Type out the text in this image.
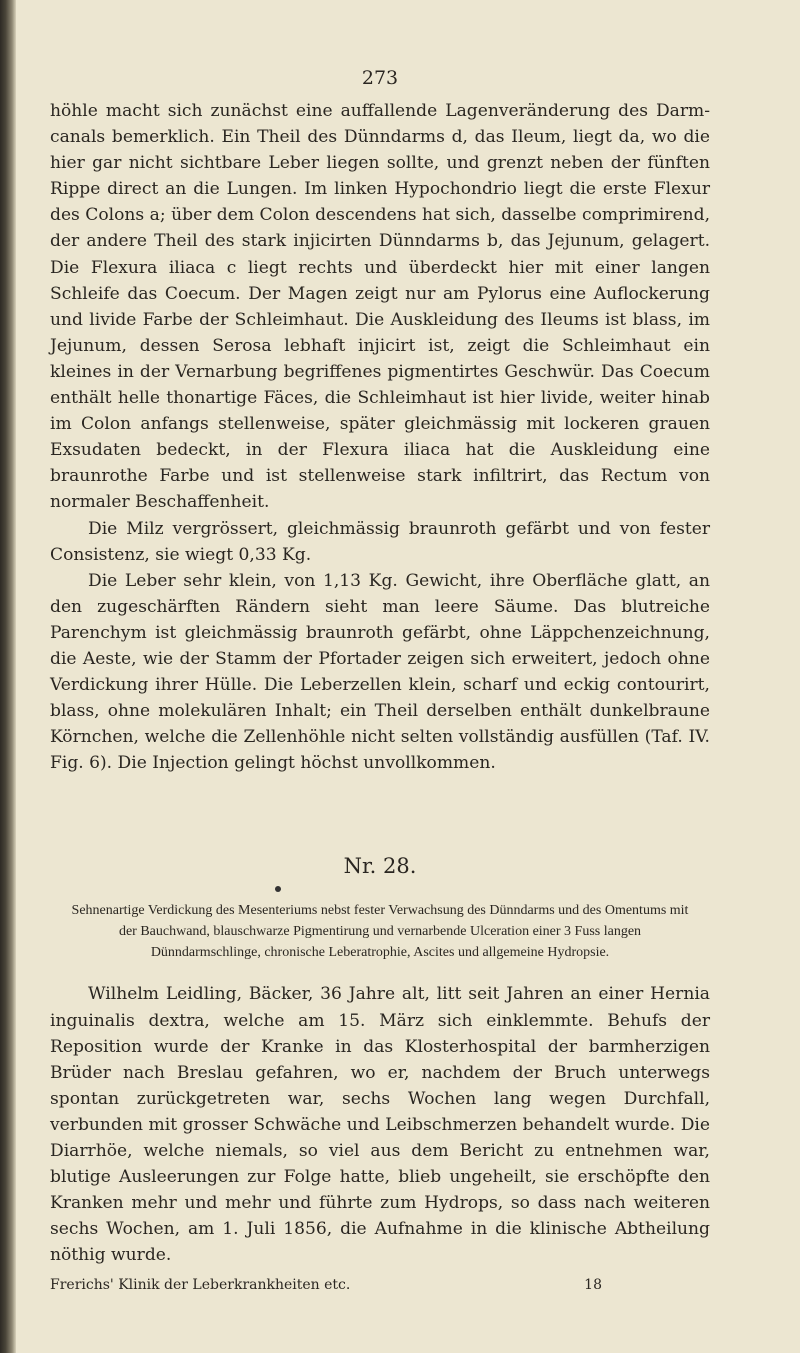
273

höhle macht sich zunächst eine auffallende Lagenveränderung des Darm-canals bemerklich. Ein Theil des Dünndarms d, das Ileum, liegt da, wo die hier gar nicht sichtbare Leber liegen sollte, und grenzt neben der fünften Rippe direct an die Lungen. Im linken Hypochondrio liegt die erste Flexur des Colons a; über dem Colon descendens hat sich, dasselbe comprimirend, der andere Theil des stark injicirten Dünndarms b, das Jejunum, gelagert. Die Flexura iliaca c liegt rechts und überdeckt hier mit einer langen Schleife das Coecum. Der Magen zeigt nur am Pylorus eine Auflockerung und livide Farbe der Schleimhaut. Die Auskleidung des Ileums ist blass, im Jejunum, dessen Serosa lebhaft injicirt ist, zeigt die Schleimhaut ein kleines in der Vernarbung begriffenes pigmentirtes Geschwür. Das Coecum enthält helle thonartige Fäces, die Schleimhaut ist hier livide, weiter hinab im Colon anfangs stellenweise, später gleichmässig mit lockeren grauen Exsudaten bedeckt, in der Flexura iliaca hat die Auskleidung eine braunrothe Farbe und ist stellenweise stark infiltrirt, das Rectum von normaler Beschaffenheit.

Die Milz vergrössert, gleichmässig braunroth gefärbt und von fester Consistenz, sie wiegt 0,33 Kg.

Die Leber sehr klein, von 1,13 Kg. Gewicht, ihre Oberfläche glatt, an den zugeschärften Rändern sieht man leere Säume. Das blutreiche Parenchym ist gleichmässig braunroth gefärbt, ohne Läppchenzeichnung, die Aeste, wie der Stamm der Pfortader zeigen sich erweitert, jedoch ohne Verdickung ihrer Hülle. Die Leberzellen klein, scharf und eckig contourirt, blass, ohne molekulären Inhalt; ein Theil derselben enthält dunkelbraune Körnchen, welche die Zellenhöhle nicht selten vollständig ausfüllen (Taf. IV. Fig. 6). Die Injection gelingt höchst unvollkommen.

Nr. 28.
Sehnenartige Verdickung des Mesenteriums nebst fester Verwachsung des Dünndarms und des Omentums mit der Bauchwand, blauschwarze Pigmentirung und vernarbende Ulceration einer 3 Fuss langen Dünndarmschlinge, chronische Leberatrophie, Ascites und allgemeine Hydropsie.

Wilhelm Leidling, Bäcker, 36 Jahre alt, litt seit Jahren an einer Hernia inguinalis dextra, welche am 15. März sich einklemmte. Behufs der Reposition wurde der Kranke in das Klosterhospital der barmherzigen Brüder nach Breslau gefahren, wo er, nachdem der Bruch unterwegs spontan zurückgetreten war, sechs Wochen lang wegen Durchfall, verbunden mit grosser Schwäche und Leibschmerzen behandelt wurde. Die Diarrhöe, welche niemals, so viel aus dem Bericht zu entnehmen war, blutige Ausleerungen zur Folge hatte, blieb ungeheilt, sie erschöpfte den Kranken mehr und mehr und führte zum Hydrops, so dass nach weiteren sechs Wochen, am 1. Juli 1856, die Aufnahme in die klinische Abtheilung nöthig wurde.

Frerichs' Klinik der Leberkrankheiten etc.	18
